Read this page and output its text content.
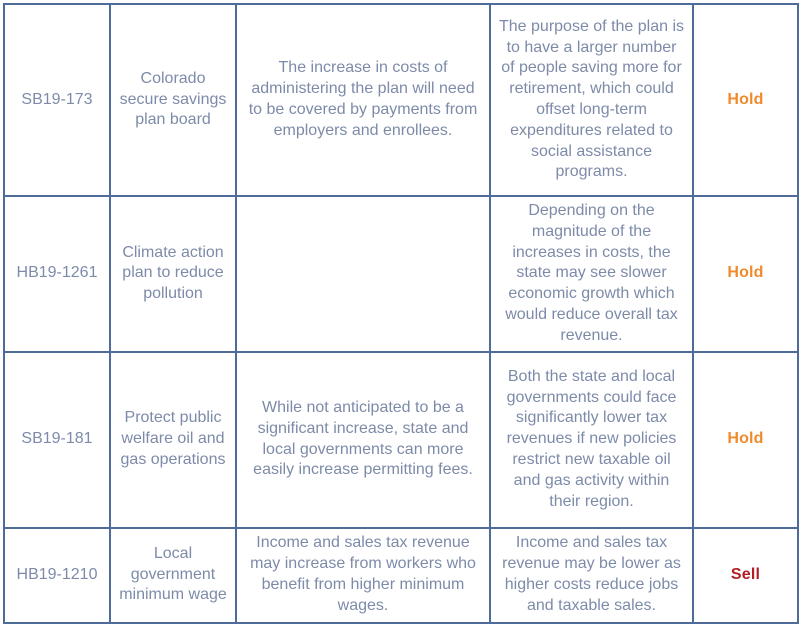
SB19-173	Colorado secure savings plan board	The increase in costs of administering the plan will need to be covered by payments from employers and enrollees.	The purpose of the plan is to have a larger number of people saving more for retirement, which could offset long-term expenditures related to social assistance programs.	Hold
HB19-1261	Climate action plan to reduce pollution		Depending on the magnitude of the increases in costs, the state may see slower economic growth which would reduce overall tax revenue.	Hold
SB19-181	Protect public welfare oil and gas operations	While not anticipated to be a significant increase, state and local governments can more easily increase permitting fees.	Both the state and local governments could face significantly lower tax revenues if new policies restrict new taxable oil and gas activity within their region.	Hold
HB19-1210	Local government minimum wage	Income and sales tax revenue may increase from workers who benefit from higher minimum wages.	Income and sales tax revenue may be lower as higher costs reduce jobs and taxable sales.	Sell
